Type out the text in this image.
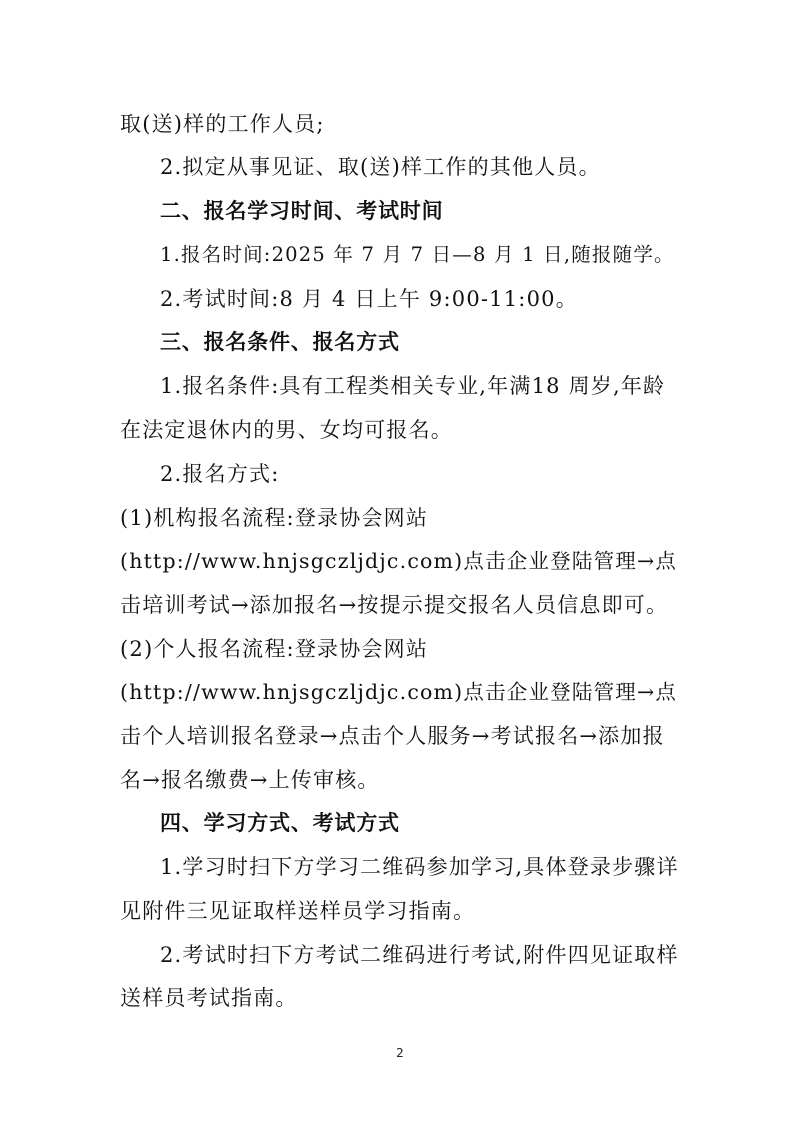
取(送)样的工作人员;
2.拟定从事见证、取(送)样工作的其他人员。
二、报名学习时间、考试时间
1.报名时间:2025 年 7 月 7 日—8 月 1 日,随报随学。
2.考试时间:8 月 4 日上午 9:00-11:00。
三、报名条件、报名方式
1.报名条件:具有工程类相关专业,年满18 周岁,年龄
在法定退休内的男、女均可报名。
2.报名方式:
(1)机构报名流程:登录协会网站
(http://www.hnjsgczljdjc.com)点击企业登陆管理→点
击培训考试→添加报名→按提示提交报名人员信息即可。
(2)个人报名流程:登录协会网站
(http://www.hnjsgczljdjc.com)点击企业登陆管理→点
击个人培训报名登录→点击个人服务→考试报名→添加报
名→报名缴费→上传审核。
四、学习方式、考试方式
1.学习时扫下方学习二维码参加学习,具体登录步骤详
见附件三见证取样送样员学习指南。
2.考试时扫下方考试二维码进行考试,附件四见证取样
送样员考试指南。
2
